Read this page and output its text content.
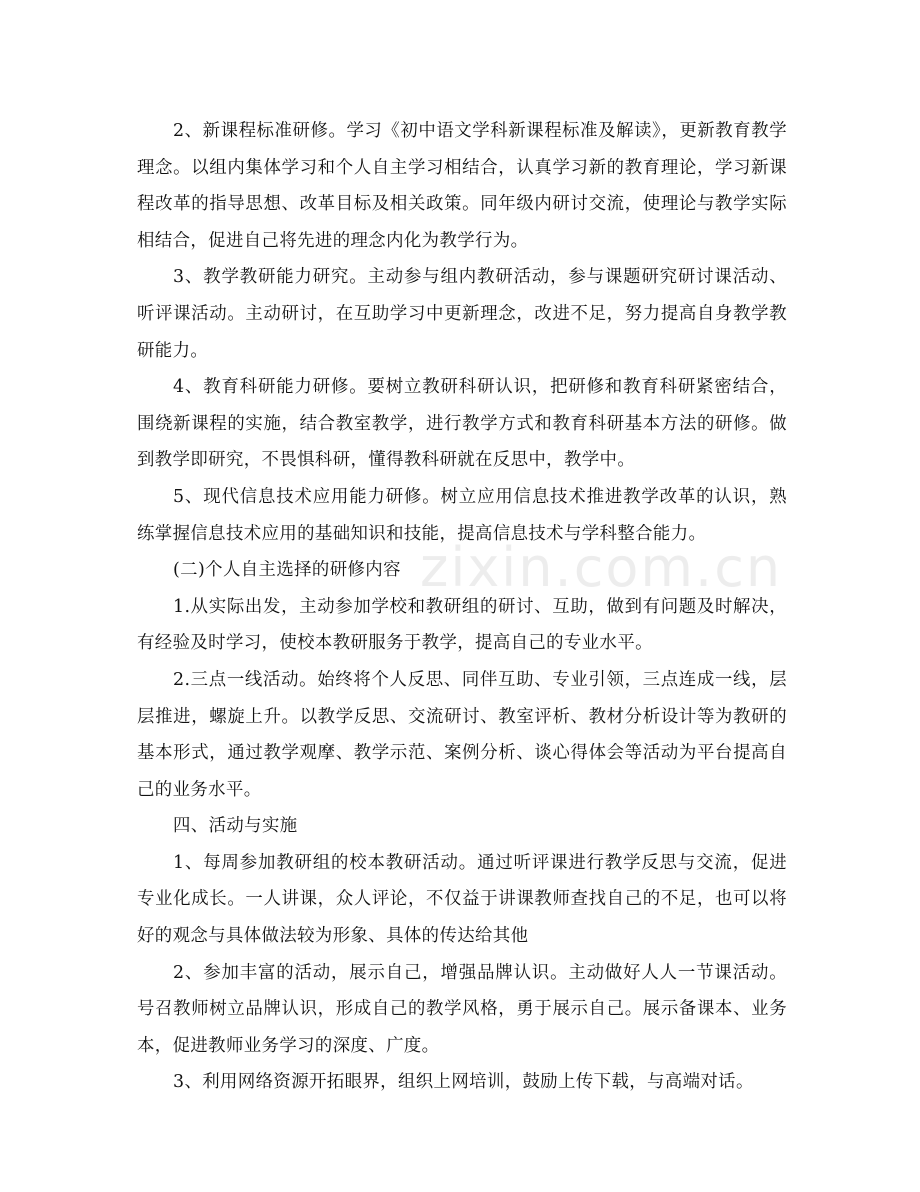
2、新课程标准研修。学习《初中语文学科新课程标准及解读》，更新教育教学理念。以组内集体学习和个人自主学习相结合，认真学习新的教育理论，学习新课程改革的指导思想、改革目标及相关政策。同年级内研讨交流，使理论与教学实际相结合，促进自己将先进的理念内化为教学行为。

3、教学教研能力研究。主动参与组内教研活动，参与课题研究研讨课活动、听评课活动。主动研讨，在互助学习中更新理念，改进不足，努力提高自身教学教研能力。

4、教育科研能力研修。要树立教研科研认识，把研修和教育科研紧密结合，围绕新课程的实施，结合教室教学，进行教学方式和教育科研基本方法的研修。做到教学即研究，不畏惧科研，懂得教科研就在反思中，教学中。

5、现代信息技术应用能力研修。树立应用信息技术推进教学改革的认识，熟练掌握信息技术应用的基础知识和技能，提高信息技术与学科整合能力。

(二)个人自主选择的研修内容

1.从实际出发，主动参加学校和教研组的研讨、互助，做到有问题及时解决，有经验及时学习，使校本教研服务于教学，提高自己的专业水平。

2.三点一线活动。始终将个人反思、同伴互助、专业引领，三点连成一线，层层推进，螺旋上升。以教学反思、交流研讨、教室评析、教材分析设计等为教研的基本形式，通过教学观摩、教学示范、案例分析、谈心得体会等活动为平台提高自己的业务水平。

四、活动与实施

1、每周参加教研组的校本教研活动。通过听评课进行教学反思与交流，促进专业化成长。一人讲课，众人评论，不仅益于讲课教师查找自己的不足，也可以将好的观念与具体做法较为形象、具体的传达给其他

2、参加丰富的活动，展示自己，增强品牌认识。主动做好人人一节课活动。号召教师树立品牌认识，形成自己的教学风格，勇于展示自己。展示备课本、业务本，促进教师业务学习的深度、广度。

3、利用网络资源开拓眼界，组织上网培训，鼓励上传下载，与高端对话。

zixin.com.cn
